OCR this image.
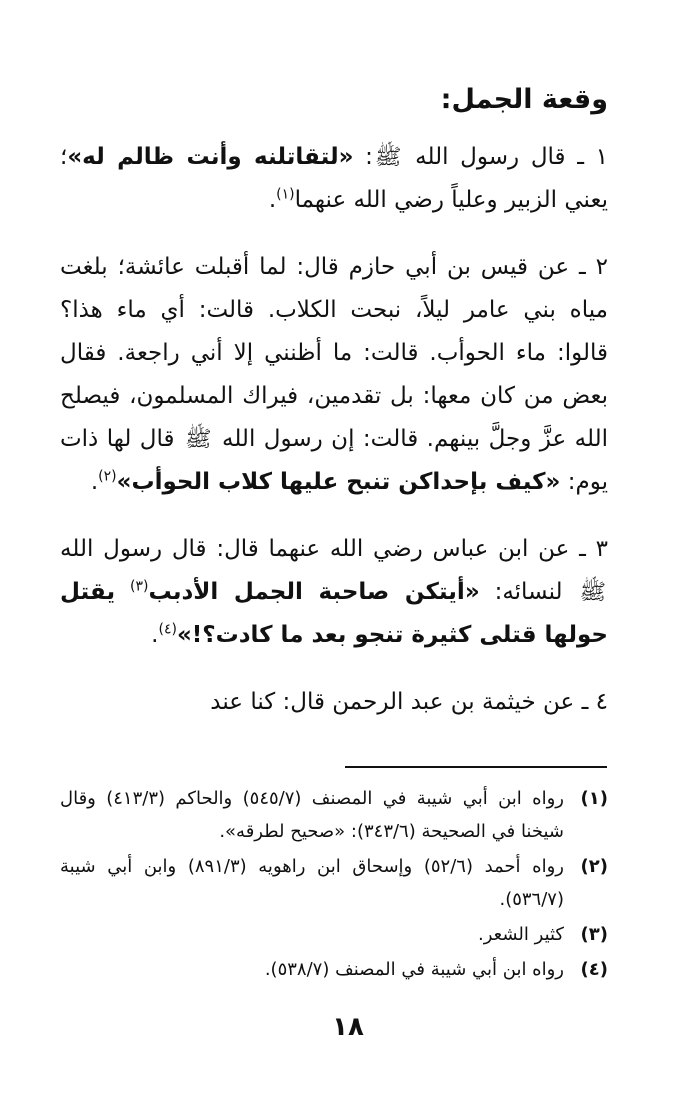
وقعة الجمل:

١ ـ قال رسول الله ﷺ: «لتقاتلنه وأنت ظالم له»؛ يعني الزبير وعلياً رضي الله عنهما$^{(١)}$.

٢ ـ عن قيس بن أبي حازم قال: لما أقبلت عائشة؛ بلغت مياه بني عامر ليلاً، نبحت الكلاب. قالت: أي ماء هذا؟ قالوا: ماء الحوأب. قالت: ما أظنني إلا أني راجعة. فقال بعض من كان معها: بل تقدمين، فيراك المسلمون، فيصلح الله عزَّ وجلَّ بينهم. قالت: إن رسول الله ﷺ قال لها ذات يوم: «كيف بإحداكن تنبح عليها كلاب الحوأب»$^{(٢)}$.

٣ ـ عن ابن عباس رضي الله عنهما قال: قال رسول الله ﷺ لنسائه: «أيتكن صاحبة الجمل الأدبب$^{(٣)}$ يقتل حولها قتلى كثيرة تنجو بعد ما كادت؟!»$^{(٤)}$.

٤ ـ عن خيثمة بن عبد الرحمن قال: كنا عند

(١)
رواه ابن أبي شيبة في المصنف (٥٤٥/٧) والحاكم (٤١٣/٣) وقال شيخنا في الصحيحة (٣٤٣/٦): «صحيح لطرقه».
(٢)
رواه أحمد (٥٢/٦) وإسحاق ابن راهويه (٨٩١/٣) وابن أبي شيبة (٥٣٦/٧).
(٣)
كثير الشعر.
(٤)
رواه ابن أبي شيبة في المصنف (٥٣٨/٧).
١٨
